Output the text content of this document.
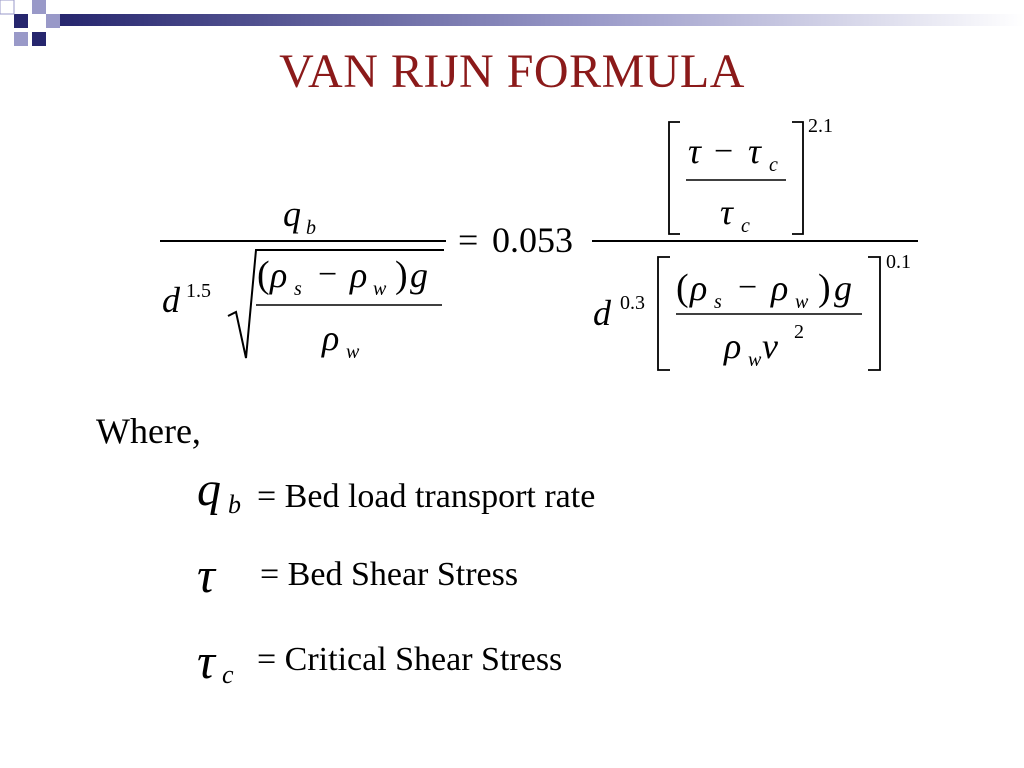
VAN RIJN FORMULA
q b
d 1.5 ( ρ s − ρ w ) g
ρ w
= 0.053
τ − τ c
τ c
2.1
d 0.3 ( ρ s − ρ w ) g
ρ w ν 2
0.1
Where,
q b = Bed load transport rate
τ = Bed Shear Stress
τ c = Critical Shear Stress
